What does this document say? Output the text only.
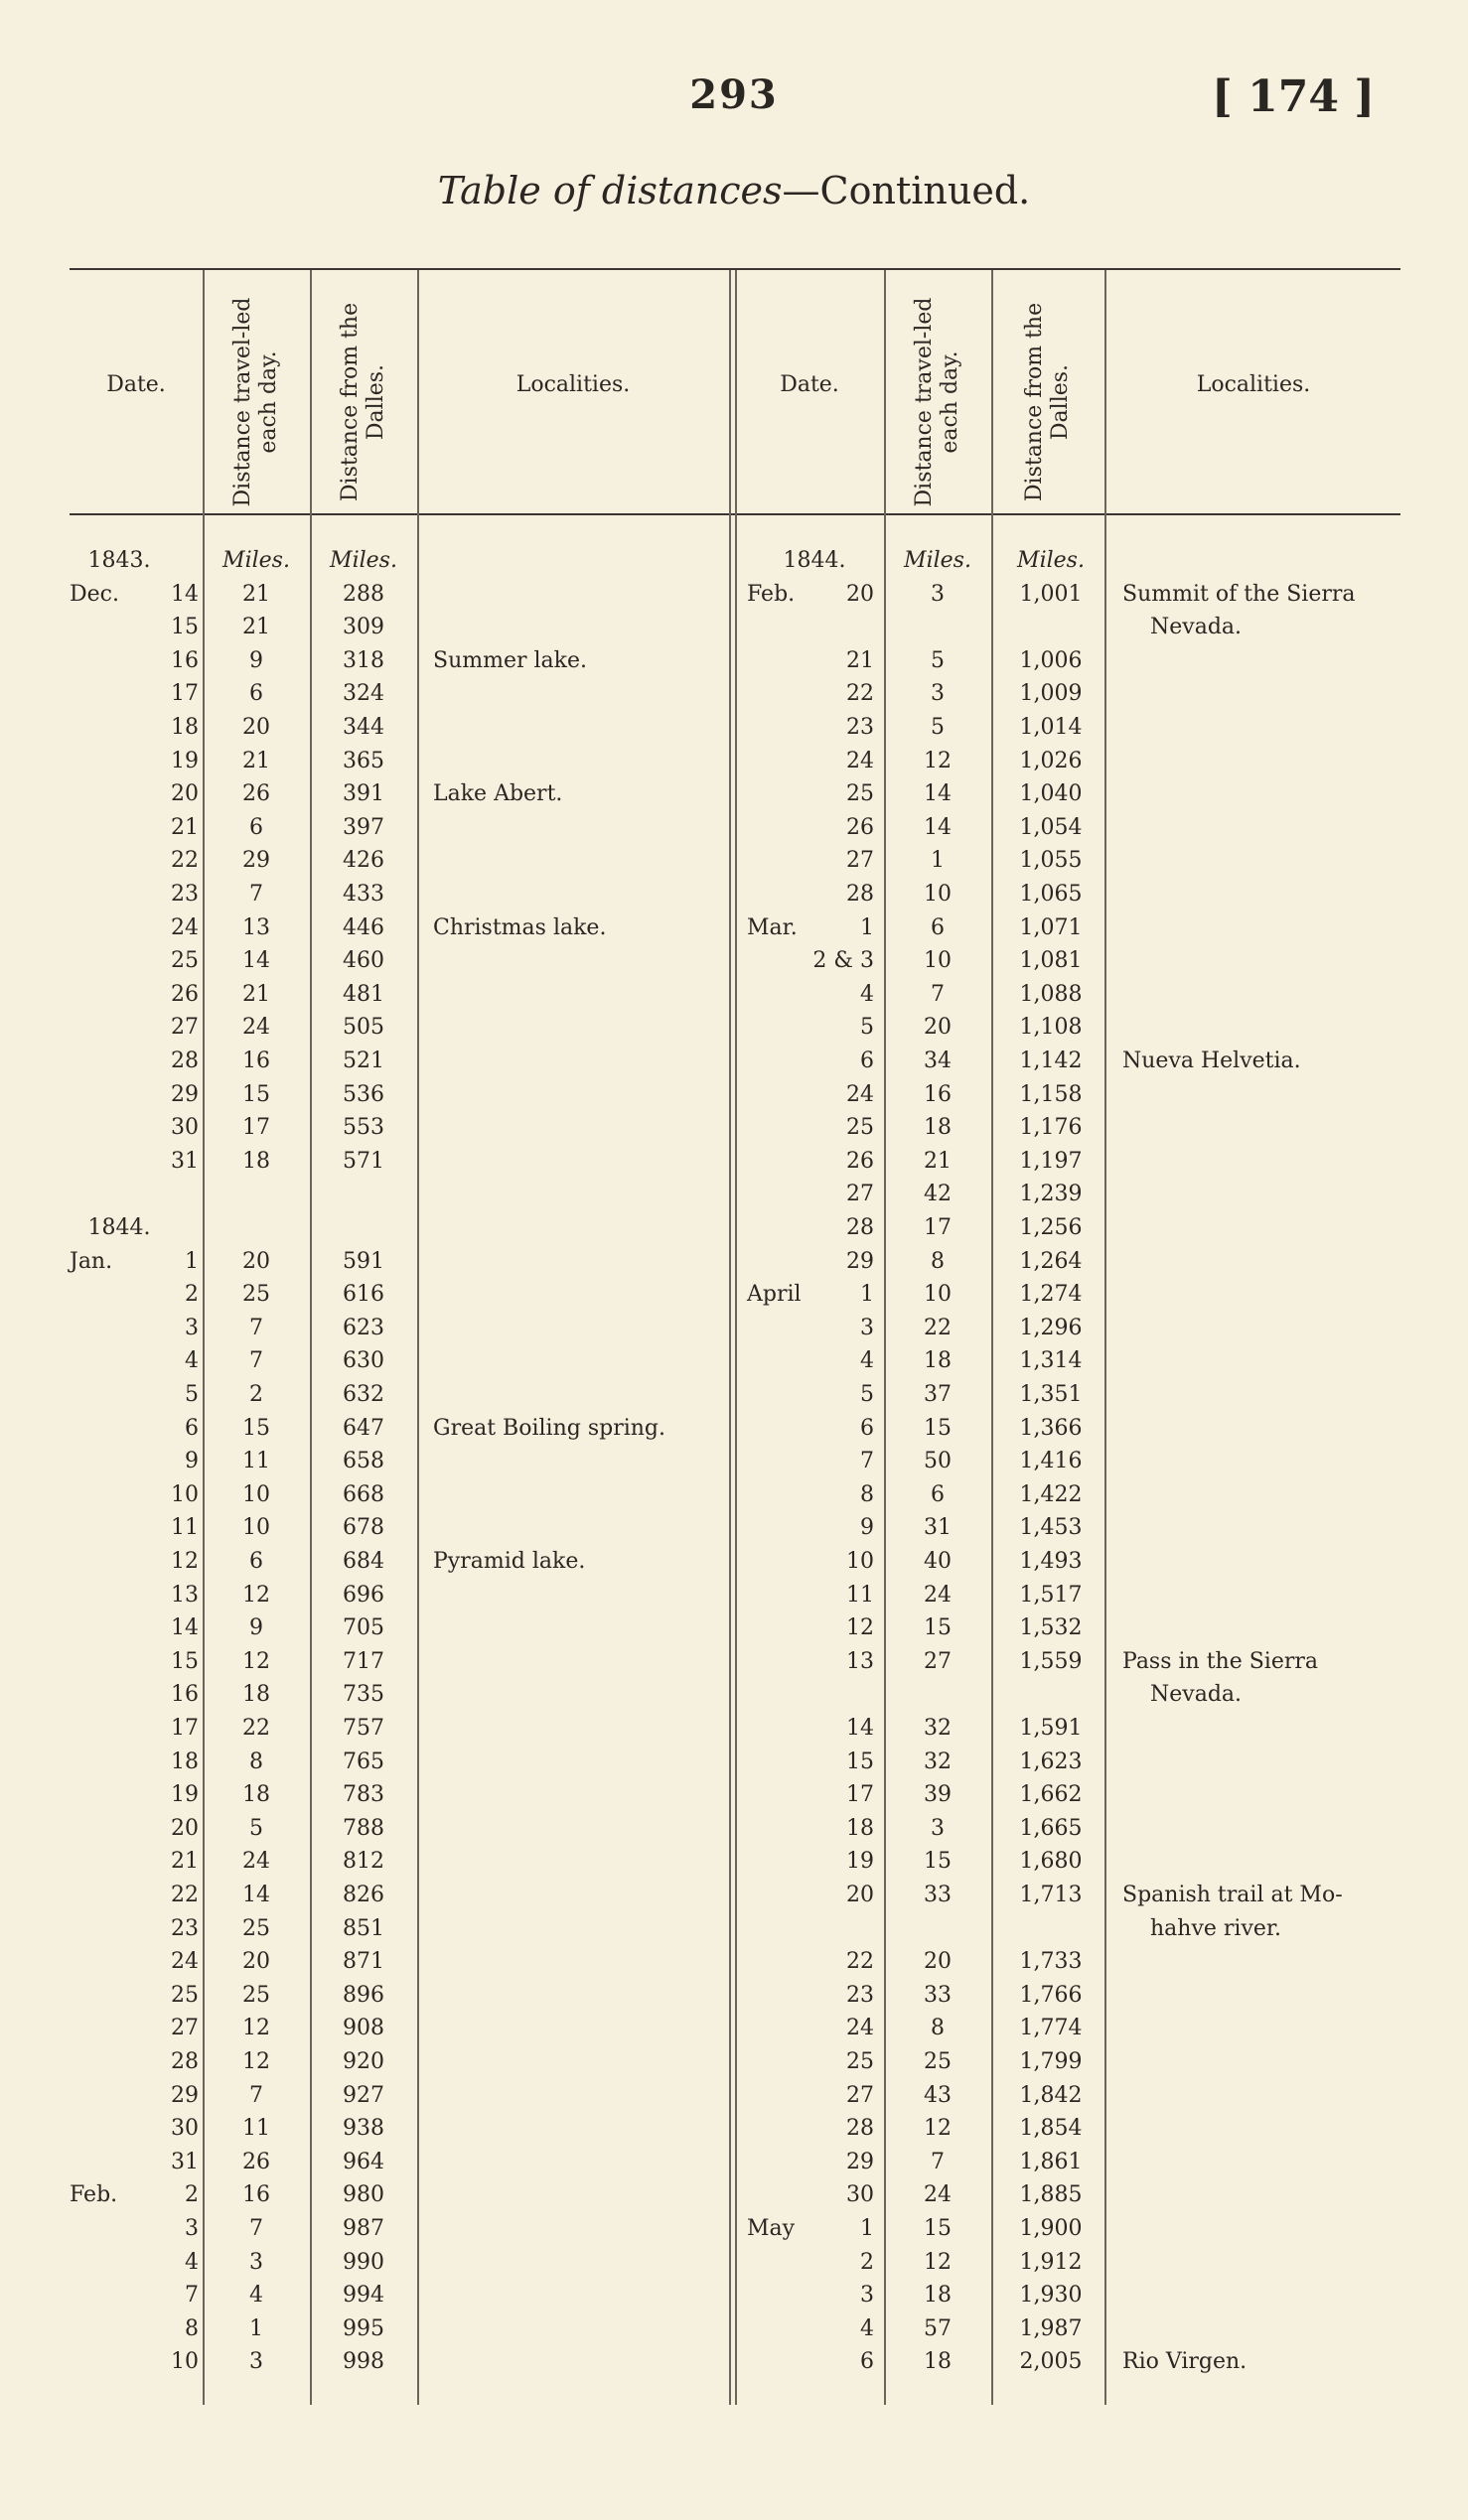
293	[ 174 ]
Table of distances—Continued.
Date.	Distance travel-led each day.	Distance from the Dalles.	Localities.	Date.	Distance travel-led each day.	Distance from the Dalles.	Localities.
1843.	Miles.	Miles.
Dec.	14	21	288
15	21	309
16	9	318	Summer lake.
17	6	324
18	20	344
19	21	365
20	26	391	Lake Abert.
21	6	397
22	29	426
23	7	433
24	13	446	Christmas lake.
25	14	460
26	21	481
27	24	505
28	16	521
29	15	536
30	17	553
31	18	571
1844.
Jan.	1	20	591
2	25	616
3	7	623
4	7	630
5	2	632
6	15	647	Great Boiling spring.
9	11	658
10	10	668
11	10	678
12	6	684	Pyramid lake.
13	12	696
14	9	705
15	12	717
16	18	735
17	22	757
18	8	765
19	18	783
20	5	788
21	24	812
22	14	826
23	25	851
24	20	871
25	25	896
27	12	908
28	12	920
29	7	927
30	11	938
31	26	964
Feb.	2	16	980
3	7	987
4	3	990
7	4	994
8	1	995
10	3	998
1844.	Miles.	Miles.
Feb.	20	3	1,001	Summit of the Sierra
Nevada.
21	5	1,006
22	3	1,009
23	5	1,014
24	12	1,026
25	14	1,040
26	14	1,054
27	1	1,055
28	10	1,065
Mar.	1	6	1,071
2 & 3	10	1,081
4	7	1,088
5	20	1,108
6	34	1,142	Nueva Helvetia.
24	16	1,158
25	18	1,176
26	21	1,197
27	42	1,239
28	17	1,256
29	8	1,264
April	1	10	1,274
3	22	1,296
4	18	1,314
5	37	1,351
6	15	1,366
7	50	1,416
8	6	1,422
9	31	1,453
10	40	1,493
11	24	1,517
12	15	1,532
13	27	1,559	Pass in the Sierra
Nevada.
14	32	1,591
15	32	1,623
17	39	1,662
18	3	1,665
19	15	1,680
20	33	1,713	Spanish trail at Mo-
hahve river.
22	20	1,733
23	33	1,766
24	8	1,774
25	25	1,799
27	43	1,842
28	12	1,854
29	7	1,861
30	24	1,885
May	1	15	1,900
2	12	1,912
3	18	1,930
4	57	1,987
6	18	2,005	Rio Virgen.
